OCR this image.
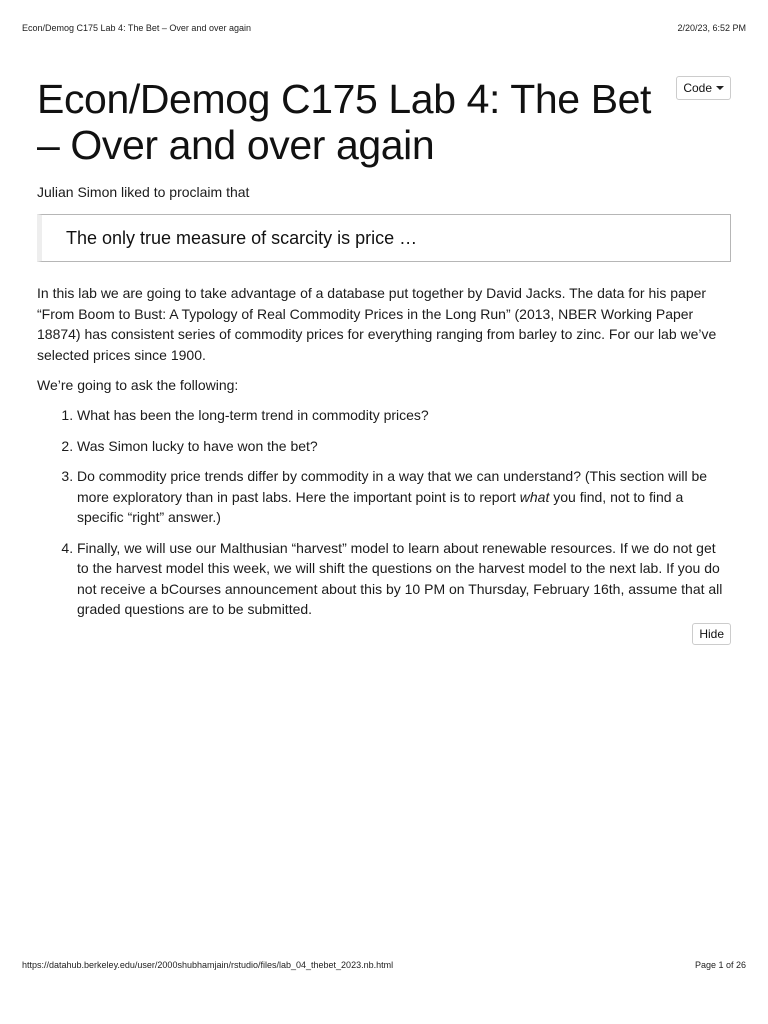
Econ/Demog C175 Lab 4: The Bet – Over and over again	2/20/23, 6:52 PM
Code
Econ/Demog C175 Lab 4: The Bet – Over and over again

Julian Simon liked to proclaim that

The only true measure of scarcity is price …

In this lab we are going to take advantage of a database put together by David Jacks. The data for his paper “From Boom to Bust: A Typology of Real Commodity Prices in the Long Run” (2013, NBER Working Paper 18874) has consistent series of commodity prices for everything ranging from barley to zinc. For our lab we’ve selected prices since 1900.

We’re going to ask the following:

1. What has been the long-term trend in commodity prices?
2. Was Simon lucky to have won the bet?
3. Do commodity price trends differ by commodity in a way that we can understand? (This section will be more exploratory than in past labs. Here the important point is to report what you find, not to find a specific “right” answer.)
4. Finally, we will use our Malthusian “harvest” model to learn about renewable resources. If we do not get to the harvest model this week, we will shift the questions on the harvest model to the next lab. If you do not receive a bCourses announcement about this by 10 PM on Thursday, February 16th, assume that all graded questions are to be submitted.
Hide
https://datahub.berkeley.edu/user/2000shubhamjain/rstudio/files/lab_04_thebet_2023.nb.html	Page 1 of 26
